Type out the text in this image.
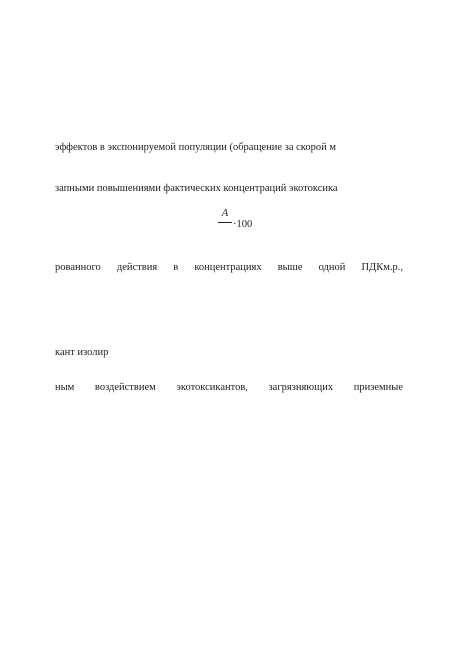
эффектов в экспонируемой популяции (обращение за скорой м
запными повышениями фактических концентраций экотоксика
A
·100
рованного действия в концентрациях выше одной ПДКм.р.,
кант изолир
ным воздействием экотоксикантов, загрязняющих приземные
